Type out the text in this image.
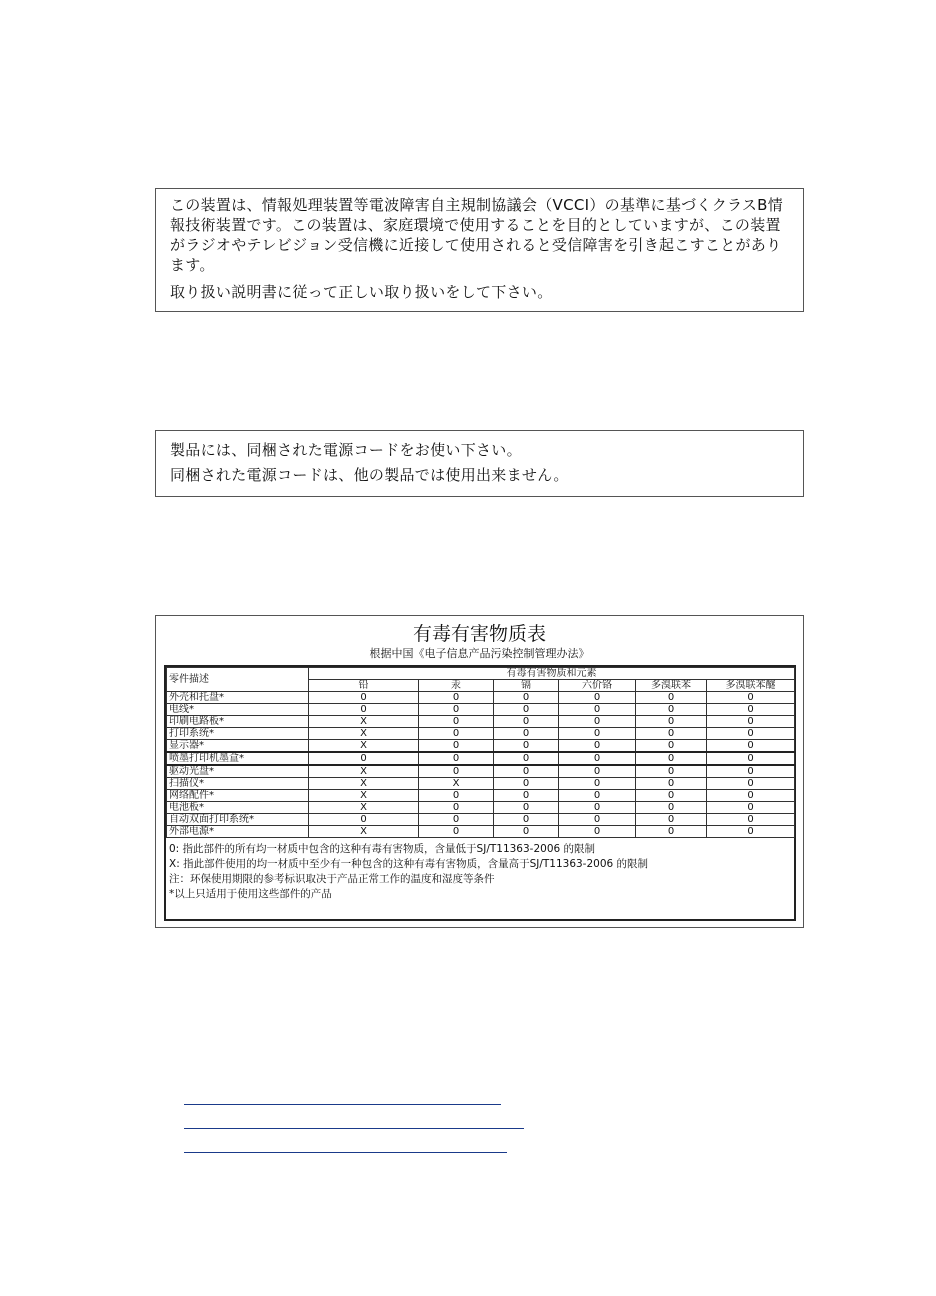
この装置は、情報処理装置等電波障害自主規制協議会（VCCI）の基準に基づくクラスB情報技術装置です。この装置は、家庭環境で使用することを目的としていますが、この装置がラジオやテレビジョン受信機に近接して使用されると受信障害を引き起こすことがあります。

取り扱い説明書に従って正しい取り扱いをして下さい。

製品には、同梱された電源コードをお使い下さい。

同梱された電源コードは、他の製品では使用出来ません。

有毒有害物质表
根据中国《电子信息产品污染控制管理办法》
零件描述	有毒有害物质和元素					
	铅	汞	镉	六价铬	多溴联苯	多溴联苯醚
外壳和托盘*	0	0	0	0	0	0
电线*	0	0	0	0	0	0
印刷电路板*	X	0	0	0	0	0
打印系统*	X	0	0	0	0	0
显示器*	X	0	0	0	0	0
喷墨打印机墨盒*	0	0	0	0	0	0
驱动光盘*	X	0	0	0	0	0
扫描仪*	X	X	0	0	0	0
网络配件*	X	0	0	0	0	0
电池板*	X	0	0	0	0	0
自动双面打印系统*	0	0	0	0	0	0
外部电源*	X	0	0	0	0	0

0: 指此部件的所有均一材质中包含的这种有毒有害物质，含量低于SJ/T11363-2006 的限制

X: 指此部件使用的均一材质中至少有一种包含的这种有毒有害物质，含量高于SJ/T11363-2006 的限制

注：环保使用期限的参考标识取决于产品正常工作的温度和湿度等条件

*以上只适用于使用这些部件的产品
